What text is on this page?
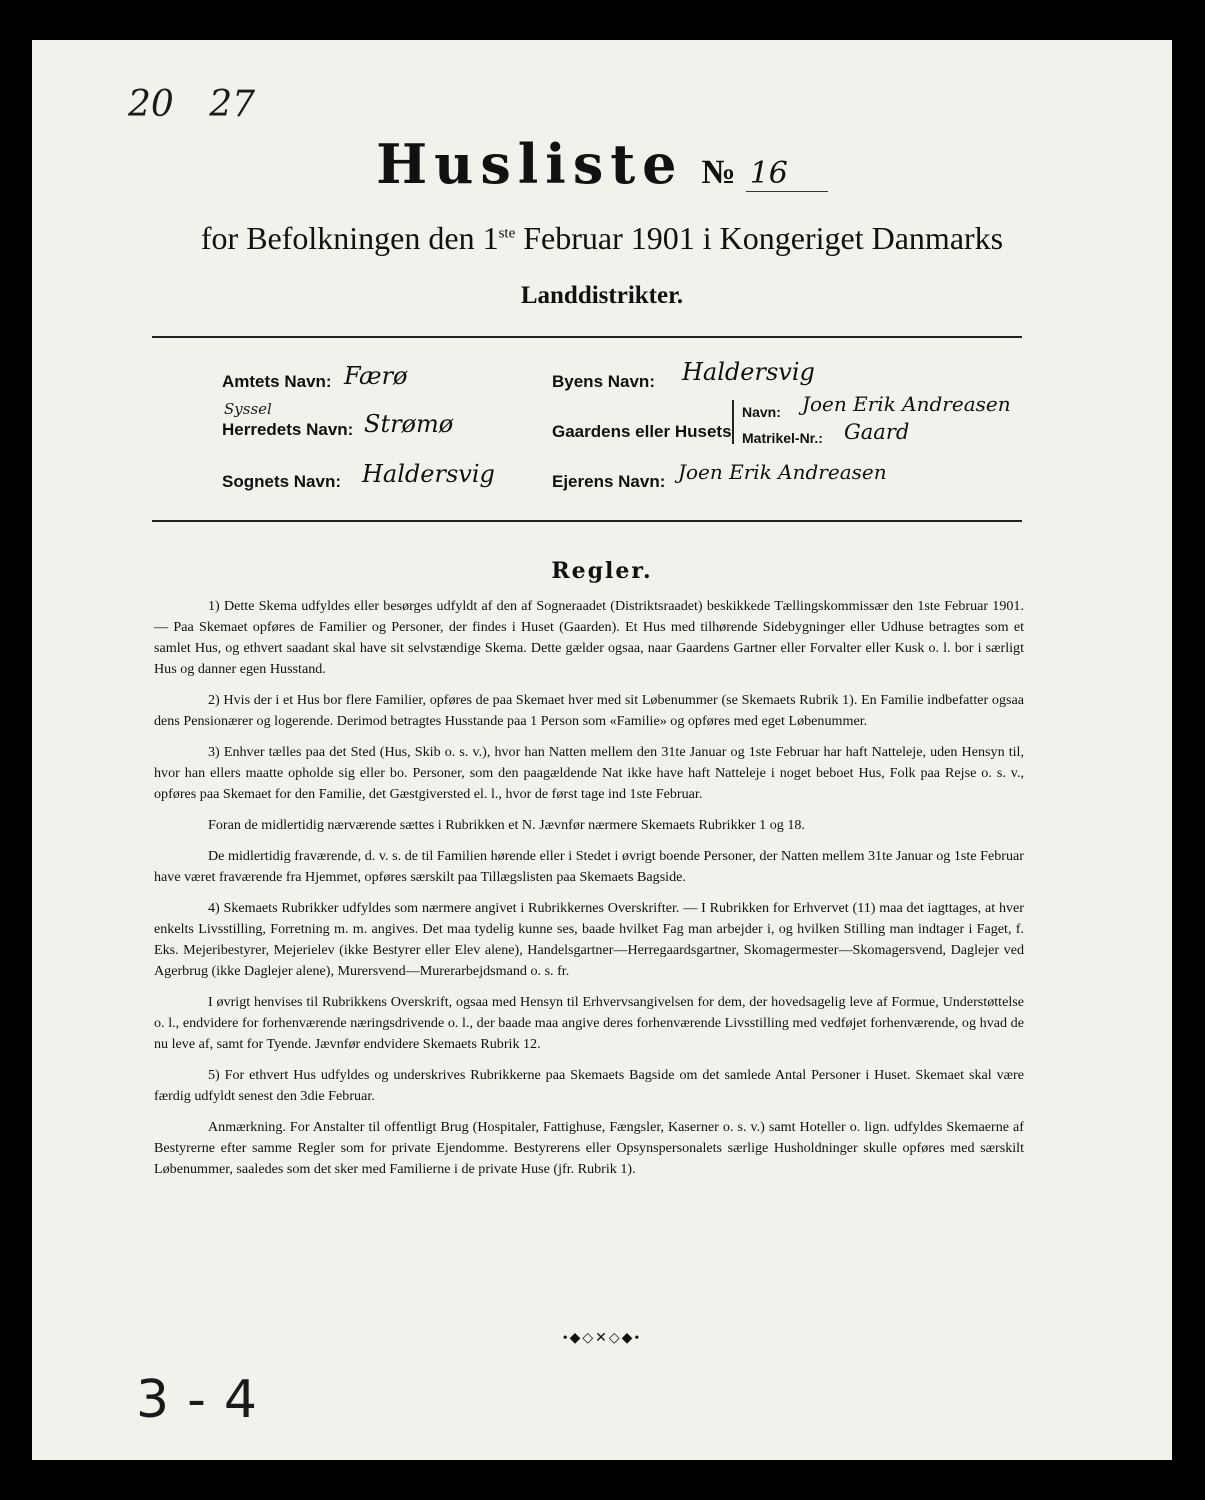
20 27
Husliste № 16
for Befolkningen den 1ste Februar 1901 i Kongeriget Danmarks
Landdistrikter.
Amtets Navn: Færø
Syssel
Herredets Navn: Strømø
Sognets Navn: Haldersvig
Byens Navn: Haldersvig
Gaardens eller Husets
Navn: Joen Erik Andreasen
Matrikel-Nr.: Gaard
Ejerens Navn: Joen Erik Andreasen
Regler.

1) Dette Skema udfyldes eller besørges udfyldt af den af Sogneraadet (Distriktsraadet) beskikkede Tællingskommissær den 1ste Februar 1901. — Paa Skemaet opføres de Familier og Personer, der findes i Huset (Gaarden). Et Hus med tilhørende Sidebygninger eller Udhuse betragtes som et samlet Hus, og ethvert saadant skal have sit selvstændige Skema. Dette gælder ogsaa, naar Gaardens Gartner eller Forvalter eller Kusk o. l. bor i særligt Hus og danner egen Husstand.

2) Hvis der i et Hus bor flere Familier, opføres de paa Skemaet hver med sit Løbenummer (se Skemaets Rubrik 1). En Familie indbefatter ogsaa dens Pensionærer og logerende. Derimod betragtes Husstande paa 1 Person som «Familie» og opføres med eget Løbenummer.

3) Enhver tælles paa det Sted (Hus, Skib o. s. v.), hvor han Natten mellem den 31te Januar og 1ste Februar har haft Natteleje, uden Hensyn til, hvor han ellers maatte opholde sig eller bo. Personer, som den paagældende Nat ikke have haft Natteleje i noget beboet Hus, Folk paa Rejse o. s. v., opføres paa Skemaet for den Familie, det Gæstgiversted el. l., hvor de først tage ind 1ste Februar.

Foran de midlertidig nærværende sættes i Rubrikken et N. Jævnfør nærmere Skemaets Rubrikker 1 og 18.

De midlertidig fraværende, d. v. s. de til Familien hørende eller i Stedet i øvrigt boende Personer, der Natten mellem 31te Januar og 1ste Februar have været fraværende fra Hjemmet, opføres særskilt paa Tillægslisten paa Skemaets Bagside.

4) Skemaets Rubrikker udfyldes som nærmere angivet i Rubrikkernes Overskrifter. — I Rubrikken for Erhvervet (11) maa det iagttages, at hver enkelts Livsstilling, Forretning m. m. angives. Det maa tydelig kunne ses, baade hvilket Fag man arbejder i, og hvilken Stilling man indtager i Faget, f. Eks. Mejeribestyrer, Mejerielev (ikke Bestyrer eller Elev alene), Handelsgartner—Herregaardsgartner, Skomagermester—Skomagersvend, Daglejer ved Agerbrug (ikke Daglejer alene), Murersvend—Murerarbejdsmand o. s. fr.

I øvrigt henvises til Rubrikkens Overskrift, ogsaa med Hensyn til Erhvervsangivelsen for dem, der hovedsagelig leve af Formue, Understøttelse o. l., endvidere for forhenværende næringsdrivende o. l., der baade maa angive deres forhenværende Livsstilling med vedføjet forhenværende, og hvad de nu leve af, samt for Tyende. Jævnfør endvidere Skemaets Rubrik 12.

5) For ethvert Hus udfyldes og underskrives Rubrikkerne paa Skemaets Bagside om det samlede Antal Personer i Huset. Skemaet skal være færdig udfyldt senest den 3die Februar.

Anmærkning. For Anstalter til offentligt Brug (Hospitaler, Fattighuse, Fængsler, Kaserner o. s. v.) samt Hoteller o. lign. udfyldes Skemaerne af Bestyrerne efter samme Regler som for private Ejendomme. Bestyrerens eller Opsynspersonalets særlige Husholdninger skulle opføres med særskilt Løbenummer, saaledes som det sker med Familierne i de private Huse (jfr. Rubrik 1).

•◆◇✕◇◆•
3-4
